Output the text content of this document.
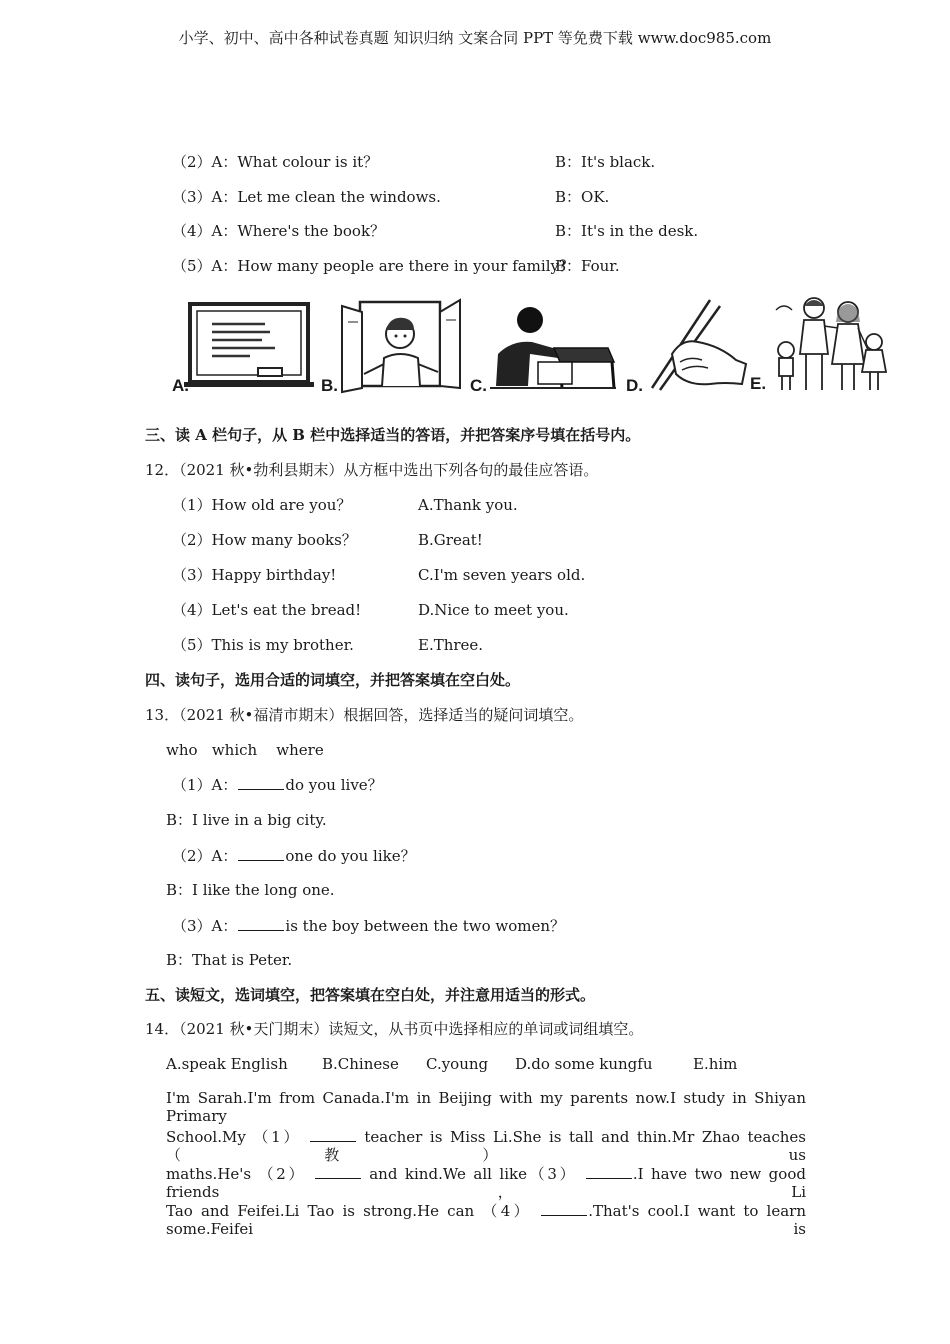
小学、初中、高中各种试卷真题 知识归纳 文案合同 PPT 等免费下载 www.doc985.com
（2）A：What colour is it？	B：It's black.
（3）A：Let me clean the windows.	B：OK.
（4）A：Where's the book？	B：It's in the desk.
（5）A：How many people are there in your family？
B：Four.
A.	B.	C.	D.	E.
三、读 A 栏句子，从 B 栏中选择适当的答语，并把答案序号填在括号内。
12．（2021 秋•勃利县期末）从方框中选出下列各句的最佳应答语。
（1）How old are you？	A.Thank you.
（2）How many books？	B.Great!
（3）Happy birthday!	C.I'm seven years old.
（4）Let's eat the bread!	D.Nice to meet you.
（5）This is my brother.	E.Three.
四、读句子，选用合适的词填空，并把答案填在空白处。
13．（2021 秋•福清市期末）根据回答，选择适当的疑问词填空。
who   which    where
（1）A：	do you live？
B：I live in a big city.
（2）A：	one do you like？
B：I like the long one.
（3）A：	is the boy between the two women？
B：That is Peter.
五、读短文，选词填空，把答案填在空白处，并注意用适当的形式。
14．（2021 秋•天门期末）读短文，从书页中选择相应的单词或词组填空。
A.speak English B.Chinese C.young D.do some kungfu	E.him
I'm Sarah.I'm from Canada.I'm in Beijing with my parents now.I study in Shiyan Primary
School.My （1）	teacher is Miss Li.She is tall and thin.Mr Zhao teaches （教） us
maths.He's （2）	and kind.We all like（3）	.I have two new good friends，Li
Tao and Feifei.Li Tao is strong.He can （4）	.That's cool.I want to learn some.Feifei is
